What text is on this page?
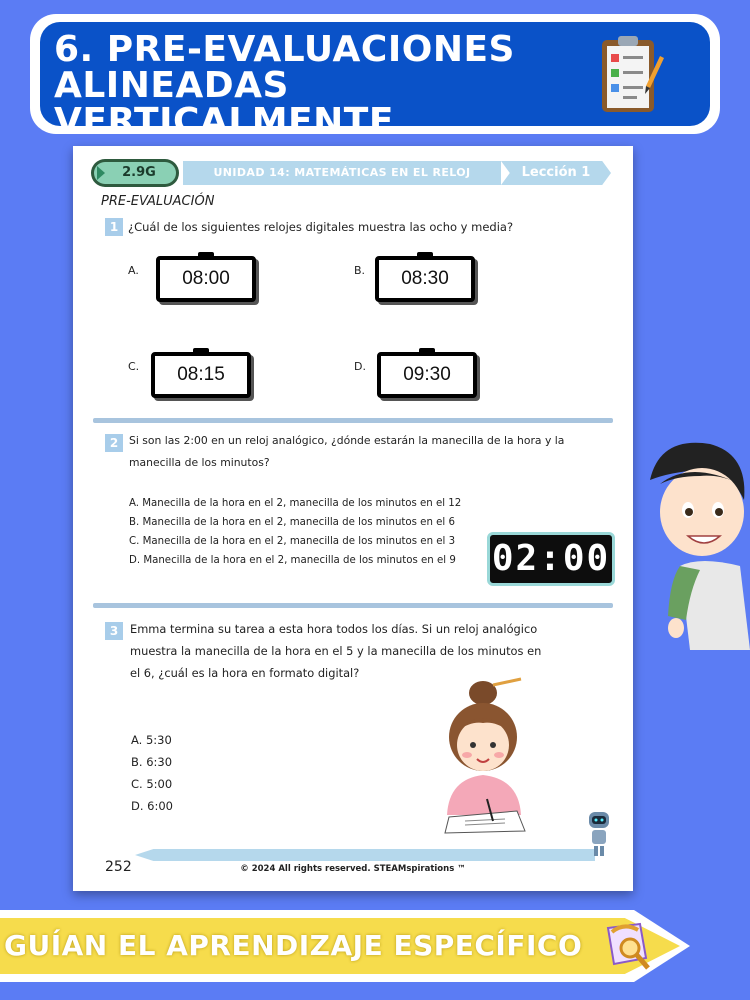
6. PRE-EVALUACIONES
ALINEADAS VERTICALMENTE
2.9G	UNIDAD 14: MATEMÁTICAS EN EL RELOJ	Lección 1
PRE-EVALUACIÓN
1 ¿Cuál de los siguientes relojes digitales muestra las ocho y media?
A.	08:00	B.	08:30
C.	08:15	D.	09:30
2	Si son las 2:00 en un reloj analógico, ¿dónde estarán la manecilla de la hora y la
manecilla de los minutos?
A. Manecilla de la hora en el 2, manecilla de los minutos en el 12
B. Manecilla de la hora en el 2, manecilla de los minutos en el 6
C. Manecilla de la hora en el 2, manecilla de los minutos en el 3
D. Manecilla de la hora en el 2, manecilla de los minutos en el 9 02:00
3	Emma termina su tarea a esta hora todos los días. Si un reloj analógico
muestra la manecilla de la hora en el 5 y la manecilla de los minutos en
el 6, ¿cuál es la hora en formato digital?
A. 5:30
B. 6:30
C. 5:00
D. 6:00
252	© 2024 All rights reserved. STEAMspirations ™
GUÍAN EL APRENDIZAJE ESPECÍFICO
